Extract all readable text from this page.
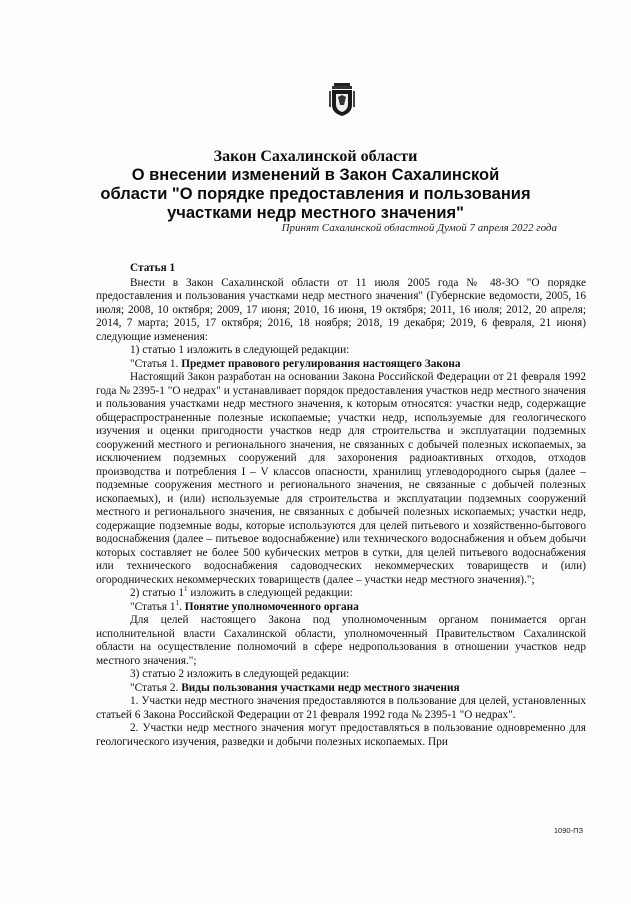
Закон Сахалинской области
О внесении изменений в Закон Сахалинской
области "О порядке предоставления и пользования
участками недр местного значения"
Принят Сахалинской областной Думой 7 апреля 2022 года

Статья 1

Внести в Закон Сахалинской области от 11 июля 2005 года № 48-ЗО "О порядке предоставления и пользования участками недр местного значения" (Губернские ведомости, 2005, 16 июля; 2008, 10 октября; 2009, 17 июня; 2010, 16 июня, 19 октября; 2011, 16 июля; 2012, 20 апреля; 2014, 7 марта; 2015, 17 октября; 2016, 18 ноября; 2018, 19 декабря; 2019, 6 февраля, 21 июня) следующие изменения:

1) статью 1 изложить в следующей редакции:

"Статья 1. Предмет правового регулирования настоящего Закона

Настоящий Закон разработан на основании Закона Российской Федерации от 21 февраля 1992 года № 2395-1 "О недрах" и устанавливает порядок предоставления участков недр местного значения и пользования участками недр местного значения, к которым относятся: участки недр, содержащие общераспространенные полезные ископаемые; участки недр, используемые для геологического изучения и оценки пригодности участков недр для строительства и эксплуатации подземных сооружений местного и регионального значения, не связанных с добычей полезных ископаемых, за исключением подземных сооружений для захоронения радиоактивных отходов, отходов производства и потребления I – V классов опасности, хранилищ углеводородного сырья (далее – подземные сооружения местного и регионального значения, не связанные с добычей полезных ископаемых), и (или) используемые для строительства и эксплуатации подземных сооружений местного и регионального значения, не связанных с добычей полезных ископаемых; участки недр, содержащие подземные воды, которые используются для целей питьевого и хозяйственно-бытового водоснабжения (далее – питьевое водоснабжение) или технического водоснабжения и объем добычи которых составляет не более 500 кубических метров в сутки, для целей питьевого водоснабжения или технического водоснабжения садоводческих некоммерческих товариществ и (или) огороднических некоммерческих товариществ (далее – участки недр местного значения).";

2) статью $1^1$ изложить в следующей редакции:

"Статья $1^1$. Понятие уполномоченного органа

Для целей настоящего Закона под уполномоченным органом понимается орган исполнительной власти Сахалинской области, уполномоченный Правительством Сахалинской области на осуществление полномочий в сфере недропользования в отношении участков недр местного значения.";

3) статью 2 изложить в следующей редакции:

"Статья 2. Виды пользования участками недр местного значения

1. Участки недр местного значения предоставляются в пользование для целей, установленных статьей 6 Закона Российской Федерации от 21 февраля 1992 года № 2395-1 "О недрах".

2. Участки недр местного значения могут предоставляться в пользование одновременно для геологического изучения, разведки и добычи полезных ископаемых. При

1090-ПЗ
